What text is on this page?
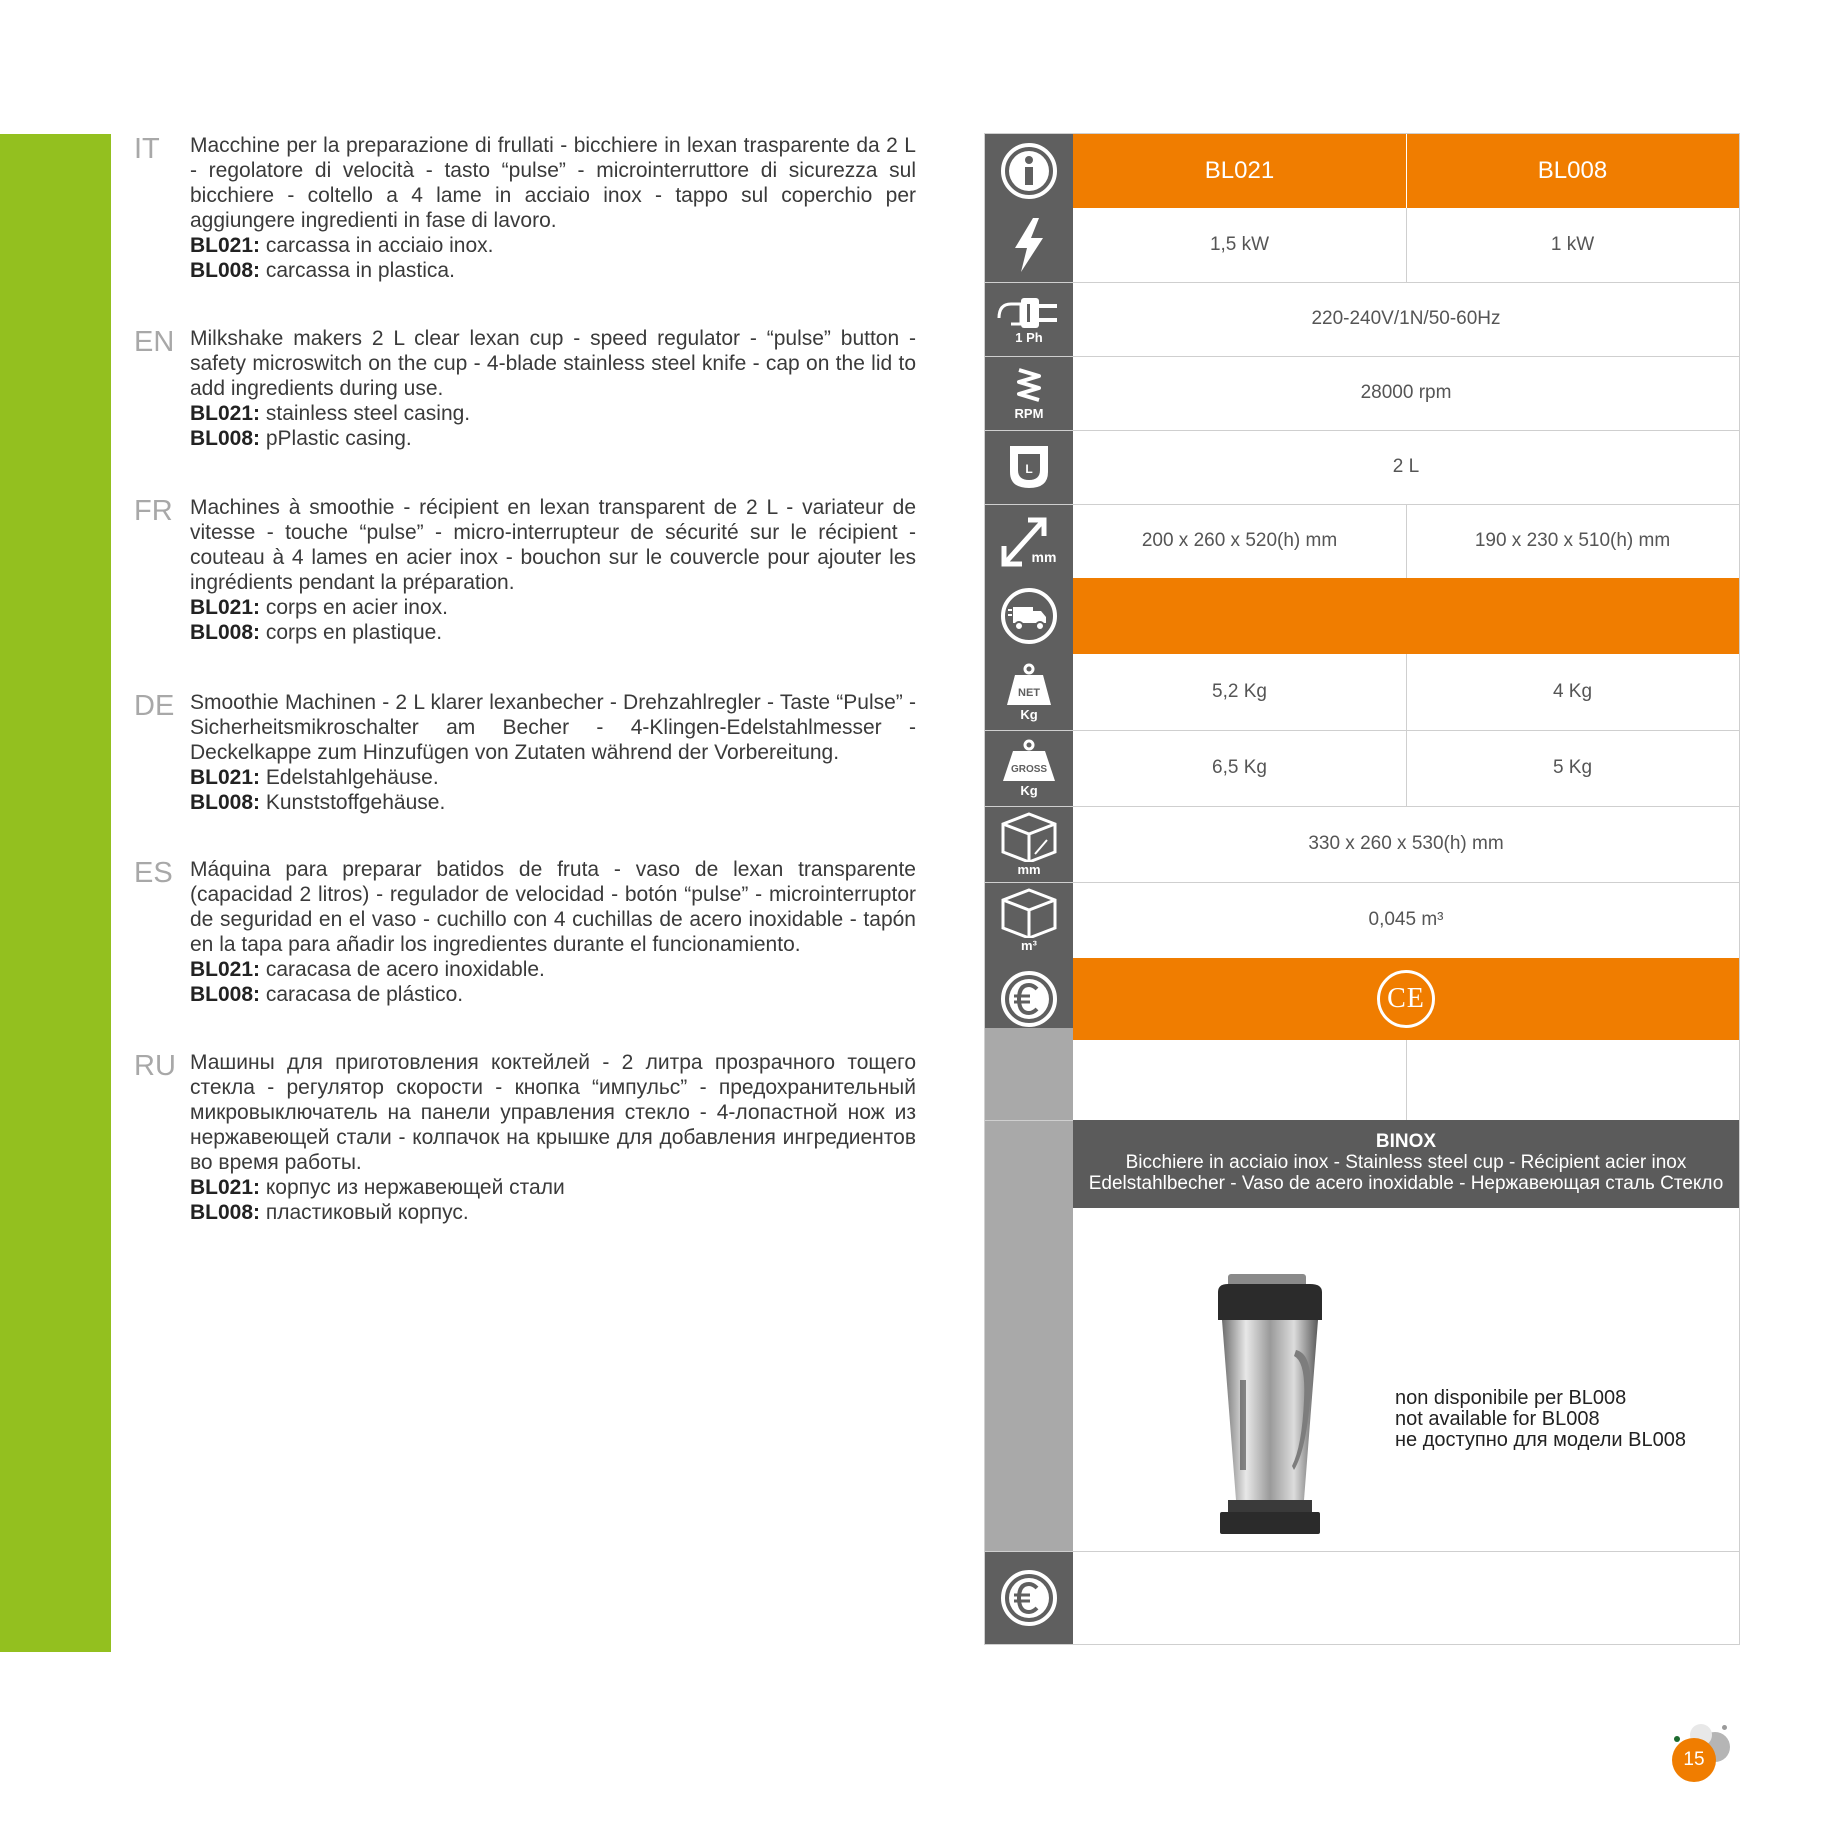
IT Macchine per la preparazione di frullati - bicchiere in lexan trasparente da 2 L - regolatore di velocità - tasto “pulse” - microinterruttore di sicurezza sul bicchiere - coltello a 4 lame in acciaio inox - tappo sul coperchio per aggiungere ingredienti in fase di lavoro.
BL021: carcassa in acciaio inox.
BL008: carcassa in plastica.
EN Milkshake makers 2 L clear lexan cup - speed regulator - “pulse” button - safety microswitch on the cup - 4-blade stainless steel knife - cap on the lid to add ingredients during use.
BL021: stainless steel casing.
BL008: pPlastic casing.
FR Machines à smoothie - récipient en lexan transparent de 2 L - variateur de vitesse - touche “pulse” - micro-interrupteur de sécurité sur le récipient - couteau à 4 lames en acier inox - bouchon sur le couvercle pour ajouter les ingrédients pendant la préparation.
BL021: corps en acier inox.
BL008: corps en plastique.
DE Smoothie Machinen - 2 L klarer lexanbecher - Drehzahlregler - Taste “Pulse” - Sicherheitsmikroschalter am Becher - 4-Klingen-Edelstahlmesser - Deckelkappe zum Hinzufügen von Zutaten während der Vorbereitung.
BL021: Edelstahlgehäuse.
BL008: Kunststoffgehäuse.
ES Máquina para preparar batidos de fruta - vaso de lexan transparente (capacidad 2 litros) - regulador de velocidad - botón “pulse” - microinterruptor de seguridad en el vaso - cuchillo con 4 cuchillas de acero inoxidable - tapón en la tapa para añadir los ingredientes durante el funcionamiento.
BL021: caracasa de acero inoxidable.
BL008: caracasa de plástico.
RU Машины для приготовления коктейлей - 2 литра прозрачного тощего стекла - регулятор скорости - кнопка “импульс” - предохранительный микровыключатель на панели управления стекло - 4-лопастной нож из нержавеющей стали - колпачок на крышке для добавления ингредиентов во время работы.
BL021: корпус из нержавеющей стали
BL008: пластиковый корпус.
BL021	BL008
1,5 kW	1 kW
220-240V/1N/50-60Hz
28000 rpm
2 L
200 x 260 x 520(h) mm	190 x 230 x 510(h) mm
5,2 Kg	4 Kg
6,5 Kg	5 Kg
330 x 260 x 530(h) mm
0,045 m³
CE
1 Ph
RPM
L
mm
NET
Kg
GROSS
Kg
mm
m³
BINOX
Bicchiere in acciaio inox - Stainless steel cup - Récipient acier inox
Edelstahlbecher - Vaso de acero inoxidable - Нержавеющая сталь Стекло
non disponibile per BL008
not available for BL008
не доступно для модели BL008
15
